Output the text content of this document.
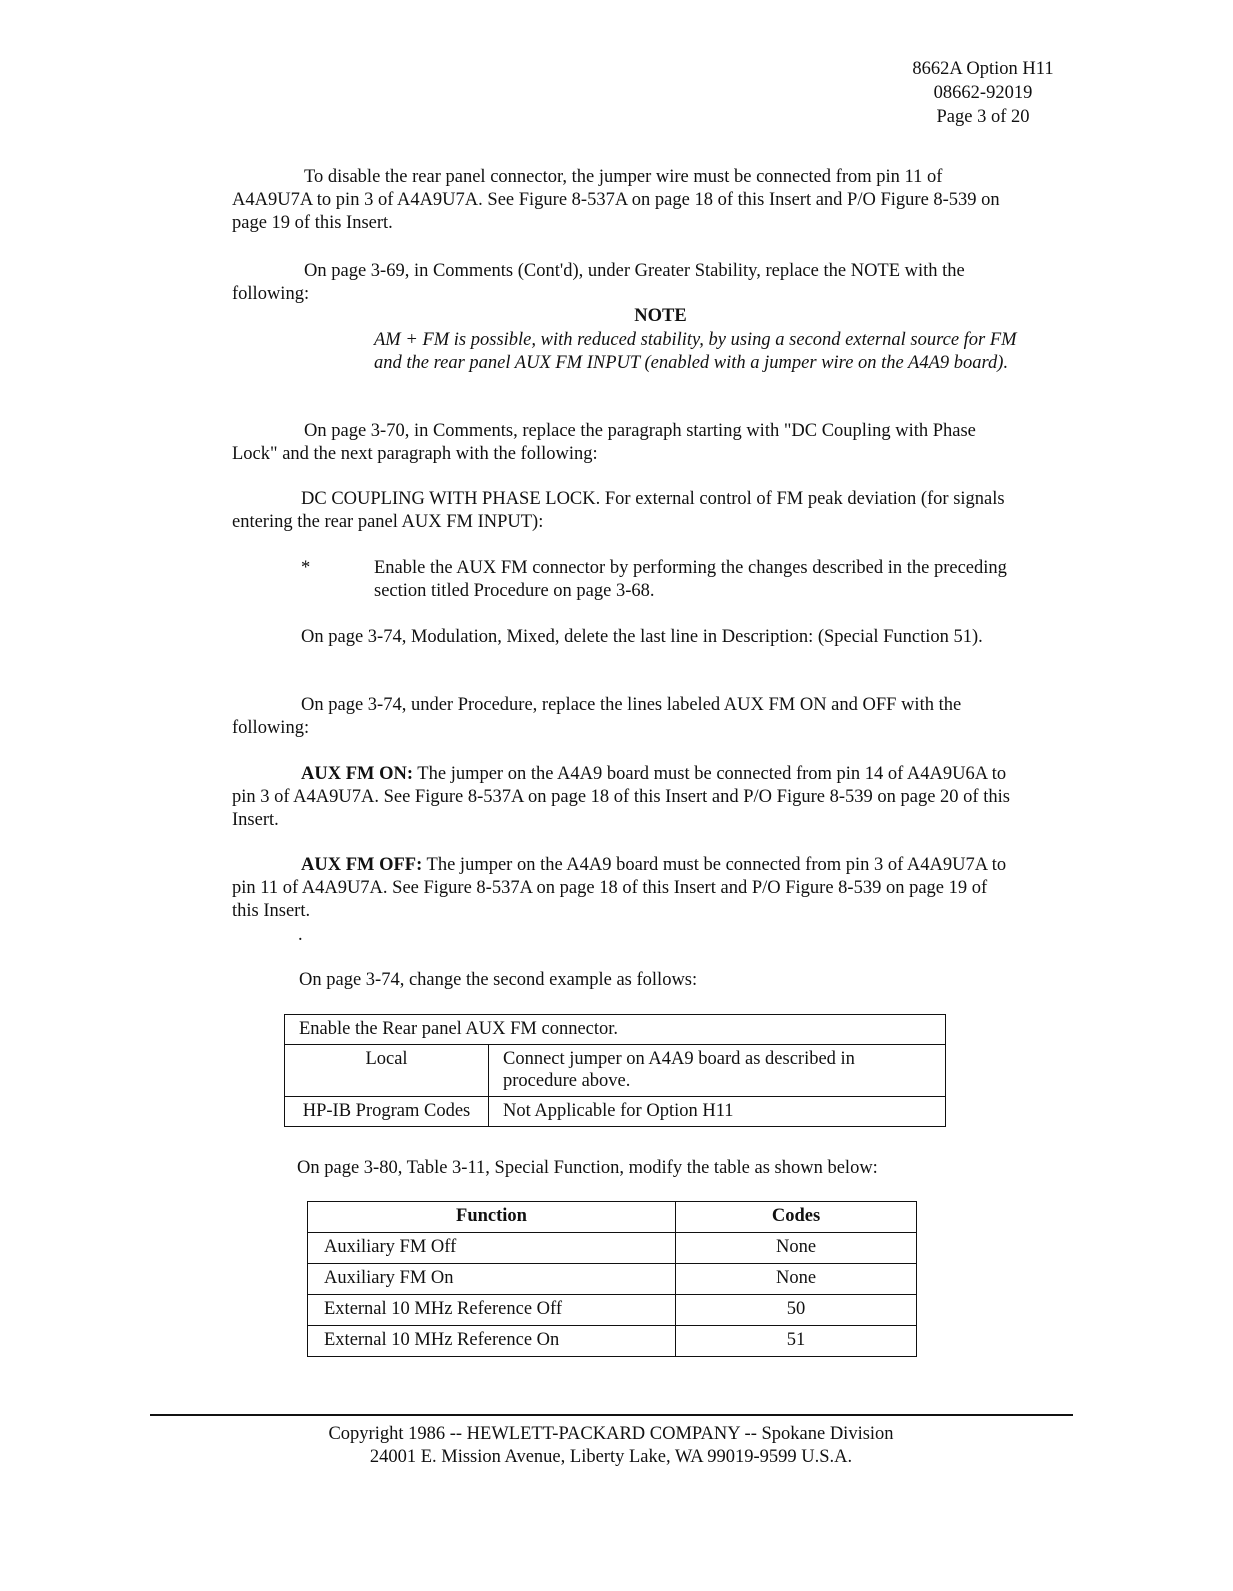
8662A Option H11
08662-92019
Page 3 of 20

To disable the rear panel connector, the jumper wire must be connected from pin 11 of A4A9U7A to pin 3 of A4A9U7A. See Figure 8-537A on page 18 of this Insert and P/O Figure 8-539 on page 19 of this Insert.

On page 3-69, in Comments (Cont'd), under Greater Stability, replace the NOTE with the following:

NOTE
AM + FM is possible, with reduced stability, by using a second external source for FM and the rear panel AUX FM INPUT (enabled with a jumper wire on the A4A9 board).

On page 3-70, in Comments, replace the paragraph starting with "DC Coupling with Phase Lock" and the next paragraph with the following:

DC COUPLING WITH PHASE LOCK. For external control of FM peak deviation (for signals entering the rear panel AUX FM INPUT):

*	Enable the AUX FM connector by performing the changes described in the preceding section titled Procedure on page 3-68.

On page 3-74, Modulation, Mixed, delete the last line in Description: (Special Function 51).

On page 3-74, under Procedure, replace the lines labeled AUX FM ON and OFF with the following:

AUX FM ON: The jumper on the A4A9 board must be connected from pin 14 of A4A9U6A to pin 3 of A4A9U7A. See Figure 8-537A on page 18 of this Insert and P/O Figure 8-539 on page 20 of this Insert.

AUX FM OFF: The jumper on the A4A9 board must be connected from pin 3 of A4A9U7A to pin 11 of A4A9U7A. See Figure 8-537A on page 18 of this Insert and P/O Figure 8-539 on page 19 of this Insert.

.

On page 3-74, change the second example as follows:

Enable the Rear panel AUX FM connector.	
Local	Connect jumper on A4A9 board as described in procedure above.
HP-IB Program Codes	Not Applicable for Option H11

On page 3-80, Table 3-11, Special Function, modify the table as shown below:

Function	Codes
Auxiliary FM Off	None
Auxiliary FM On	None
External 10 MHz Reference Off	50
External 10 MHz Reference On	51
Copyright 1986 -- HEWLETT-PACKARD COMPANY -- Spokane Division
24001 E. Mission Avenue, Liberty Lake, WA 99019-9599 U.S.A.
